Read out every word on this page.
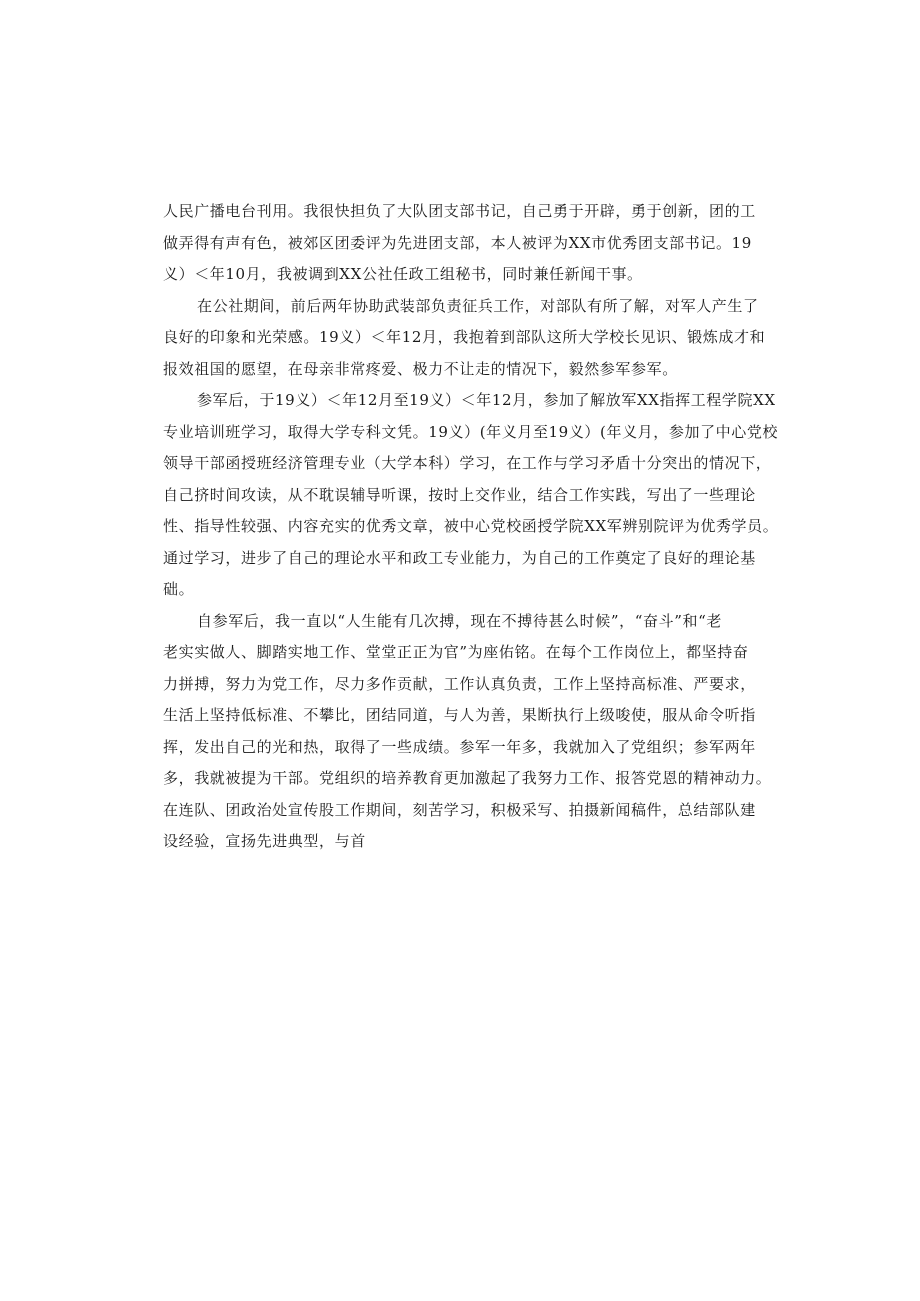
人民广播电台刊用。我很快担负了大队团支部书记，自己勇于开辟，勇于创新，团的工
做弄得有声有色，被郊区团委评为先进团支部，本人被评为XX市优秀团支部书记。19
义）＜年10月，我被调到XX公社任政工组秘书，同时兼任新闻干事。
在公社期间，前后两年协助武装部负责征兵工作，对部队有所了解，对军人产生了
良好的印象和光荣感。19义）＜年12月，我抱着到部队这所大学校长见识、锻炼成才和
报效祖国的愿望，在母亲非常疼爱、极力不让走的情况下，毅然参军参军。
参军后，于19义）＜年12月至19义）＜年12月，参加了解放军XX指挥工程学院XX
专业培训班学习，取得大学专科文凭。19义）(年义月至19义）(年义月，参加了中心党校
领导干部函授班经济管理专业（大学本科）学习，在工作与学习矛盾十分突出的情况下，
自己挤时间攻读，从不耽误辅导听课，按时上交作业，结合工作实践，写出了一些理论
性、指导性较强、内容充实的优秀文章，被中心党校函授学院XX军辨别院评为优秀学员。
通过学习，进步了自己的理论水平和政工专业能力，为自己的工作奠定了良好的理论基
础。
自参军后，我一直以“人生能有几次搏，现在不搏待甚么时候”，“奋斗”和“老
老实实做人、脚踏实地工作、堂堂正正为官”为座佑铭。在每个工作岗位上，都坚持奋
力拼搏，努力为党工作，尽力多作贡献，工作认真负责，工作上坚持高标准、严要求，
生活上坚持低标准、不攀比，团结同道，与人为善，果断执行上级唆使，服从命令听指
挥，发出自己的光和热，取得了一些成绩。参军一年多，我就加入了党组织；参军两年
多，我就被提为干部。党组织的培养教育更加激起了我努力工作、报答党恩的精神动力。
在连队、团政治处宣传股工作期间，刻苦学习，积极采写、拍摄新闻稿件，总结部队建
设经验，宣扬先进典型，与首
